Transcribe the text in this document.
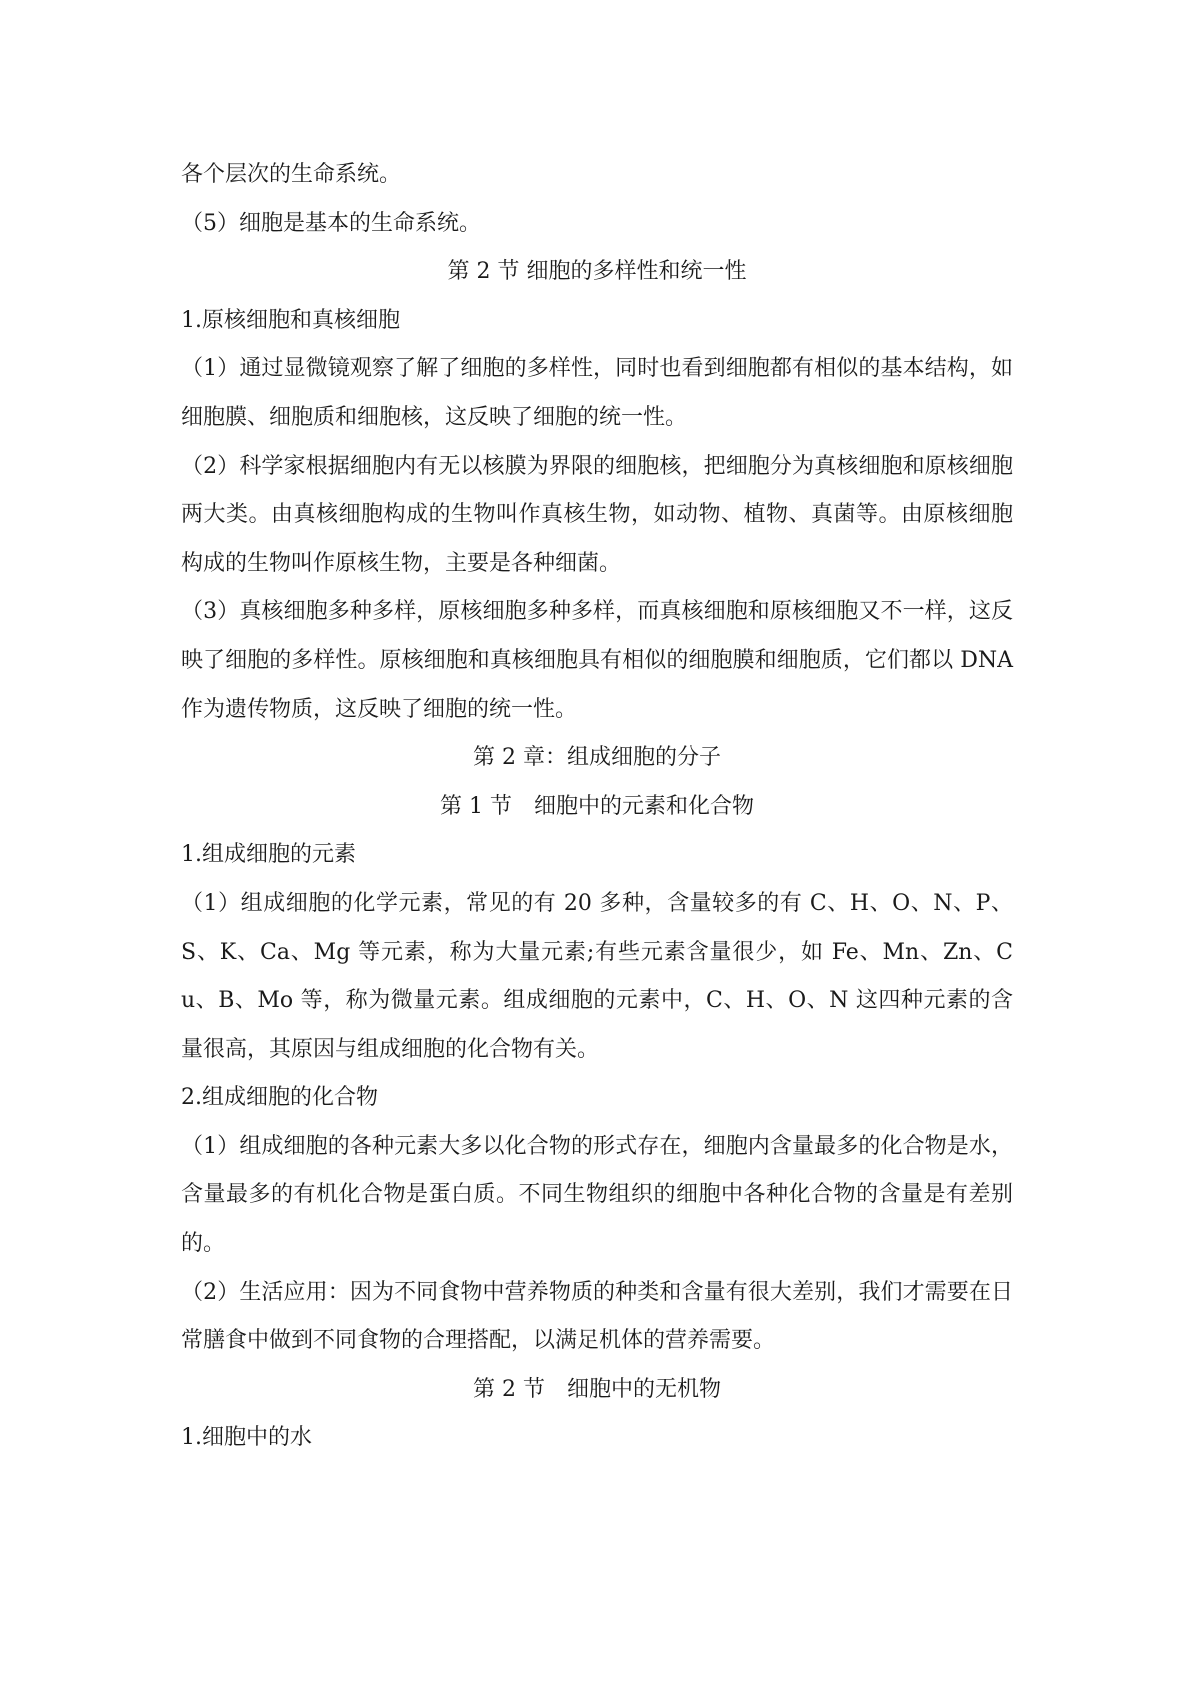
各个层次的生命系统。

（5）细胞是基本的生命系统。

第 2 节 细胞的多样性和统一性

1.原核细胞和真核细胞

（1）通过显微镜观察了解了细胞的多样性，同时也看到细胞都有相似的基本结构，如细胞膜、细胞质和细胞核，这反映了细胞的统一性。

（2）科学家根据细胞内有无以核膜为界限的细胞核，把细胞分为真核细胞和原核细胞两大类。由真核细胞构成的生物叫作真核生物，如动物、植物、真菌等。由原核细胞构成的生物叫作原核生物，主要是各种细菌。

（3）真核细胞多种多样，原核细胞多种多样，而真核细胞和原核细胞又不一样，这反映了细胞的多样性。原核细胞和真核细胞具有相似的细胞膜和细胞质，它们都以 DNA 作为遗传物质，这反映了细胞的统一性。

第 2 章：组成细胞的分子

第 1 节　细胞中的元素和化合物

1.组成细胞的元素

（1）组成细胞的化学元素，常见的有 20 多种，含量较多的有 C、H、O、N、P、S、K、Ca、Mg 等元素，称为大量元素;有些元素含量很少，如 Fe、Mn、Zn、Cu、B、Mo 等，称为微量元素。组成细胞的元素中，C、H、O、N 这四种元素的含量很高，其原因与组成细胞的化合物有关。

2.组成细胞的化合物

（1）组成细胞的各种元素大多以化合物的形式存在，细胞内含量最多的化合物是水，含量最多的有机化合物是蛋白质。不同生物组织的细胞中各种化合物的含量是有差别的。

（2）生活应用：因为不同食物中营养物质的种类和含量有很大差别，我们才需要在日常膳食中做到不同食物的合理搭配，以满足机体的营养需要。

第 2 节　细胞中的无机物

1.细胞中的水
